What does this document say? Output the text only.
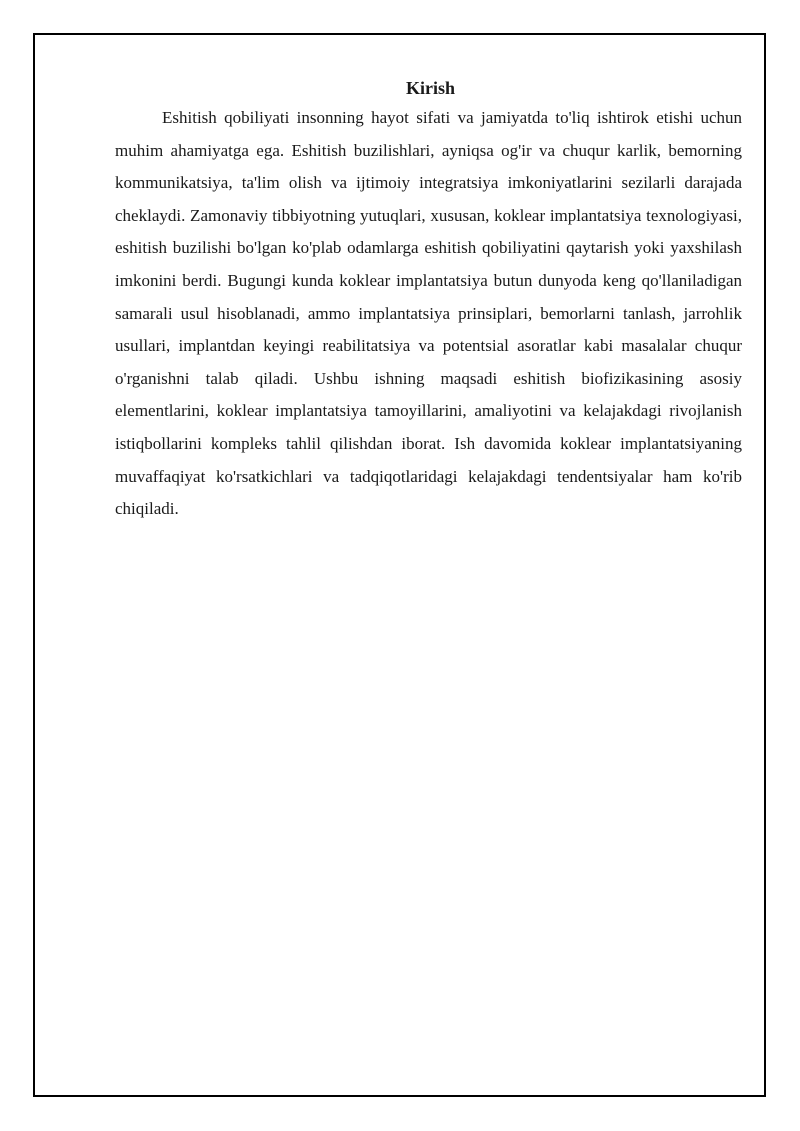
Kirish

Eshitish qobiliyati insonning hayot sifati va jamiyatda to'liq ishtirok etishi uchun muhim ahamiyatga ega. Eshitish buzilishlari, ayniqsa og'ir va chuqur karlik, bemorning kommunikatsiya, ta'lim olish va ijtimoiy integratsiya imkoniyatlarini sezilarli darajada cheklaydi. Zamonaviy tibbiyotning yutuqlari, xususan, koklear implantatsiya texnologiyasi, eshitish buzilishi bo'lgan ko'plab odamlarga eshitish qobiliyatini qaytarish yoki yaxshilash imkonini berdi. Bugungi kunda koklear implantatsiya butun dunyoda keng qo'llaniladigan samarali usul hisoblanadi, ammo implantatsiya prinsiplari, bemorlarni tanlash, jarrohlik usullari, implantdan keyingi reabilitatsiya va potentsial asoratlar kabi masalalar chuqur o'rganishni talab qiladi. Ushbu ishning maqsadi eshitish biofizikasining asosiy elementlarini, koklear implantatsiya tamoyillarini, amaliyotini va kelajakdagi rivojlanish istiqbollarini kompleks tahlil qilishdan iborat. Ish davomida koklear implantatsiyaning muvaffaqiyat ko'rsatkichlari va tadqiqotlaridagi kelajakdagi tendentsiyalar ham ko'rib chiqiladi.
